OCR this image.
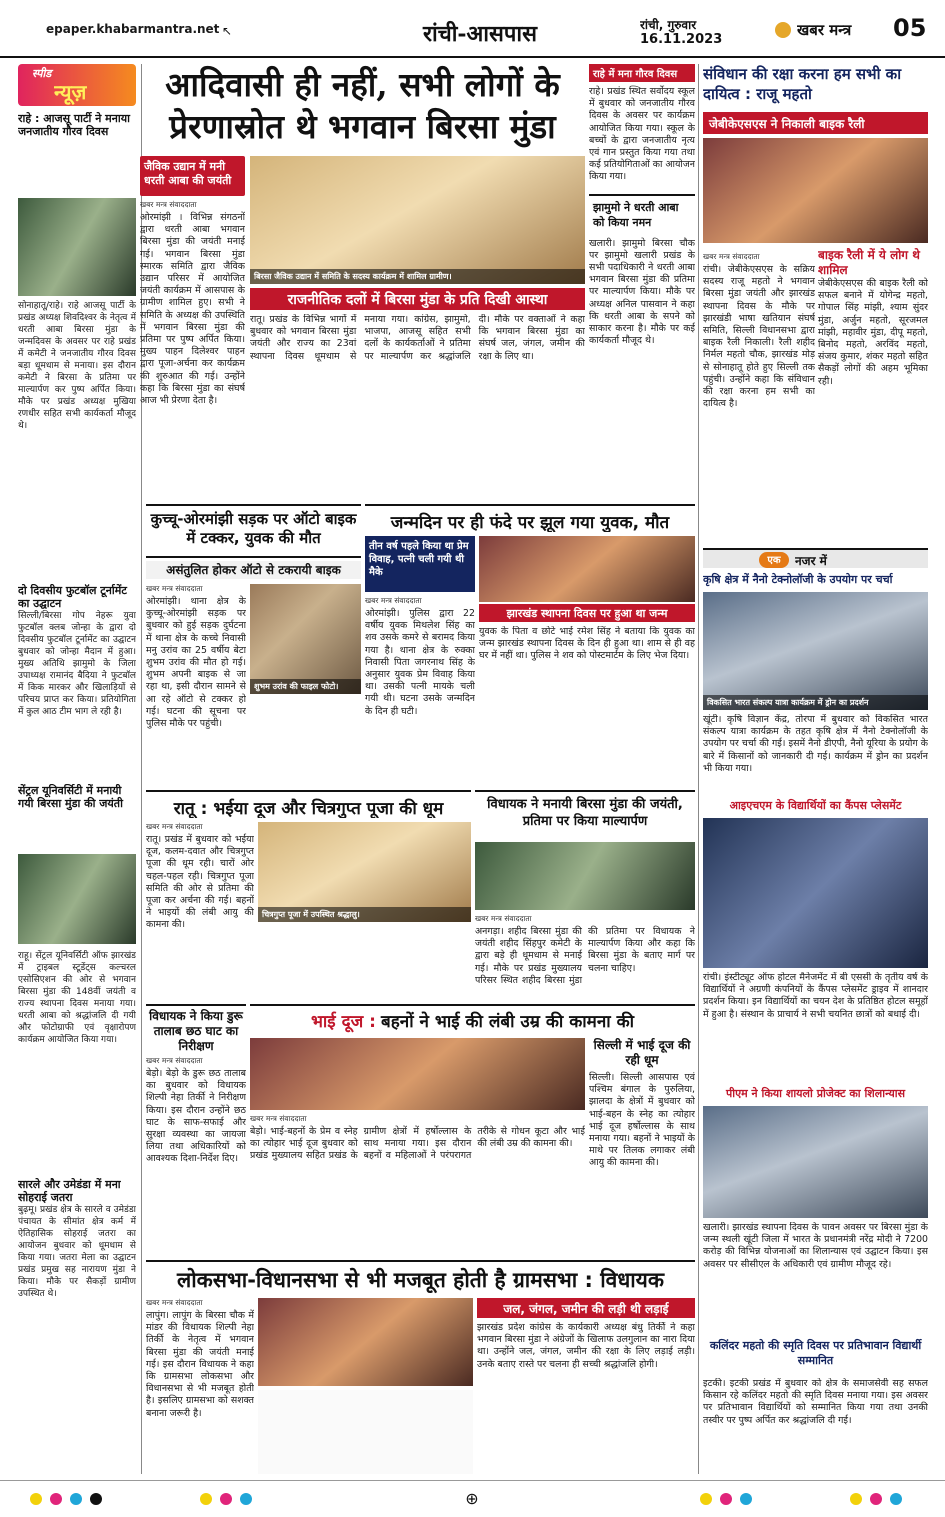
epaper.khabarmantra.net ↖	रांची-आसपास	रांची, गुरुवार
16.11.2023
खबर मन्त्र	05
स्पीड
न्यूज़
राहे : आजसू पार्टी ने मनाया जनजातीय गौरव दिवस
सोनाहातू/राहे। राहे आजसू पार्टी के प्रखंड अध्यक्ष शिवदिश्वर के नेतृत्व में धरती आबा बिरसा मुंडा के जन्मदिवस के अवसर पर राहे प्रखंड में कमेटी ने जनजातीय गौरव दिवस बड़ा धूमधाम से मनाया। इस दौरान कमेटी ने बिरसा के प्रतिमा पर माल्यार्पण कर पुष्प अर्पित किया। मौके पर प्रखंड अध्यक्ष मुखिया रणधीर सहित सभी कार्यकर्ता मौजूद थे।
दो दिवसीय फुटबॉल टूर्नामेंट का उद्घाटन
सिल्ली/बिरसा गोप नेहरू युवा फुटबॉल क्लब जोन्हा के द्वारा दो दिवसीय फुटबॉल टूर्नामेंट का उद्घाटन बुधवार को जोन्हा मैदान में हुआ। मुख्य अतिथि झामुमो के जिला उपाध्यक्ष रामानंद बैदिया ने फुटबॉल में किक मारकर और खिलाड़ियों से परिचय प्राप्त कर किया। प्रतियोगिता में कुल आठ टीम भाग ले रही है।
सेंट्रल यूनिवर्सिटी में मनायी गयी बिरसा मुंडा की जयंती
राहू। सेंट्रल यूनिवर्सिटी ऑफ झारखंड में ट्राइबल स्टूडेंट्स कल्चरल एसोसिएशन की ओर से भगवान बिरसा मुंडा की 148वीं जयंती व राज्य स्थापना दिवस मनाया गया। धरती आबा को श्रद्धांजलि दी गयी और फोटोग्राफी एवं वृक्षारोपण कार्यक्रम आयोजित किया गया।
सारले और उमेडंडा में मना सोहराई जतरा
बुढ़मू। प्रखंड क्षेत्र के सारले व उमेडंडा पंचायत के सीमांत क्षेत्र कर्म में ऐतिहासिक सोहराई जतरा का आयोजन बुधवार को धूमधाम से किया गया। जतरा मेला का उद्घाटन प्रखंड प्रमुख सह नारायण मुंडा ने किया। मौके पर सैकड़ों ग्रामीण उपस्थित थे।
आदिवासी ही नहीं, सभी लोगों के प्रेरणास्रोत थे भगवान बिरसा मुंडा
जैविक उद्यान में मनी धरती आबा की जयंती
खबर मन्त्र संवाददाता
ओरमांझी । विभिन्न संगठनों द्वारा धरती आबा भगवान बिरसा मुंडा की जयंती मनाई गई। भगवान बिरसा मुंडा स्मारक समिति द्वारा जैविक उद्यान परिसर में आयोजित जयंती कार्यक्रम में आसपास के ग्रामीण शामिल हुए। सभी ने समिति के अध्यक्ष की उपस्थिति में भगवान बिरसा मुंडा की प्रतिमा पर पुष्प अर्पित किया। मुख्य पाहन दिलेश्वर पाहन द्वारा पूजा-अर्चना कर कार्यक्रम की शुरुआत की गई। उन्होंने कहा कि बिरसा मुंडा का संघर्ष आज भी प्रेरणा देता है।
बिरसा जैविक उद्यान में समिति के सदस्य कार्यक्रम में शामिल ग्रामीण।
राजनीतिक दलों में बिरसा मुंडा के प्रति दिखी आस्था
रातू। प्रखंड के विभिन्न भागों में बुधवार को भगवान बिरसा मुंडा जयंती और राज्य का 23वां स्थापना दिवस धूमधाम से मनाया गया। कांग्रेस, झामुमो, भाजपा, आजसू सहित सभी दलों के कार्यकर्ताओं ने प्रतिमा पर माल्यार्पण कर श्रद्धांजलि दी। मौके पर वक्ताओं ने कहा कि भगवान बिरसा मुंडा का संघर्ष जल, जंगल, जमीन की रक्षा के लिए था।
राहे में मना गौरव दिवस
राहे। प्रखंड स्थित सर्वोदय स्कूल में बुधवार को जनजातीय गौरव दिवस के अवसर पर कार्यक्रम आयोजित किया गया। स्कूल के बच्चों के द्वारा जनजातीय नृत्य एवं गान प्रस्तुत किया गया तथा कई प्रतियोगिताओं का आयोजन किया गया।
झामुमो ने धरती आबा को किया नमन
खलारी। झामुमो बिरसा चौक पर झामुमो खलारी प्रखंड के सभी पदाधिकारी ने धरती आबा भगवान बिरसा मुंडा की प्रतिमा पर माल्यार्पण किया। मौके पर अध्यक्ष अनिल पासवान ने कहा कि धरती आबा के सपने को साकार करना है। मौके पर कई कार्यकर्ता मौजूद थे।
संविधान की रक्षा करना हम सभी का दायित्व : राजू महतो
जेबीकेएसएस ने निकाली बाइक रैली
बाइक रैली में ये लोग थे शामिल
जेबीकेएसएस की बाइक रैली को सफल बनाने में योगेन्द्र महतो, गोपाल सिंह मांझी, श्याम सुंदर मुंडा, अर्जुन महतो, सूरजमल मांझी, महावीर मुंडा, दीपू महतो, बिनोद महतो, अरविंद महतो, संजय कुमार, शंकर महतो सहित सैकड़ों लोगों की अहम भूमिका रही।
खबर मन्त्र संवाददाता
रांची। जेबीकेएसएस के सक्रिय सदस्य राजू महतो ने भगवान बिरसा मुंडा जयंती और झारखंड स्थापना दिवस के मौके पर झारखंडी भाषा खतियान संघर्ष समिति, सिल्ली विधानसभा द्वारा बाइक रैली निकाली। रैली शहीद निर्मल महतो चौक, झारखंड मोड़ से सोनाहातू होते हुए सिल्ली तक पहुंची। उन्होंने कहा कि संविधान की रक्षा करना हम सभी का दायित्व है।
एक	नजर में
कृषि क्षेत्र में नैनो टेक्नोलॉजी के उपयोग पर चर्चा
विकसित भारत संकल्प यात्रा कार्यक्रम में ड्रोन का प्रदर्शन
खूंटी। कृषि विज्ञान केंद्र, तोरपा में बुधवार को विकसित भारत संकल्प यात्रा कार्यक्रम के तहत कृषि क्षेत्र में नैनो टेक्नोलॉजी के उपयोग पर चर्चा की गई। इसमें नैनो डीएपी, नैनो यूरिया के प्रयोग के बारे में किसानों को जानकारी दी गई। कार्यक्रम में ड्रोन का प्रदर्शन भी किया गया।
आइएचएम के विद्यार्थियों का कैंपस प्लेसमेंट
रांची। इंस्टीट्यूट ऑफ होटल मैनेजमेंट में बी एससी के तृतीय वर्ष के विद्यार्थियों ने अग्रणी कंपनियों के कैंपस प्लेसमेंट ड्राइव में शानदार प्रदर्शन किया। इन विद्यार्थियों का चयन देश के प्रतिष्ठित होटल समूहों में हुआ है। संस्थान के प्राचार्य ने सभी चयनित छात्रों को बधाई दी।
पीएम ने किया शायलो प्रोजेक्ट का शिलान्यास
खलारी। झारखंड स्थापना दिवस के पावन अवसर पर बिरसा मुंडा के जन्म स्थली खूंटी जिला में भारत के प्रधानमंत्री नरेंद्र मोदी ने 7200 करोड़ की विभिन्न योजनाओं का शिलान्यास एवं उद्घाटन किया। इस अवसर पर सीसीएल के अधिकारी एवं ग्रामीण मौजूद रहे।
कलिंदर महतो की स्मृति दिवस पर प्रतिभावान विद्यार्थी सम्मानित
इटकी। इटकी प्रखंड में बुधवार को क्षेत्र के समाजसेवी सह सफल किसान रहे कलिंदर महतो की स्मृति दिवस मनाया गया। इस अवसर पर प्रतिभावान विद्यार्थियों को सम्मानित किया गया तथा उनकी तस्वीर पर पुष्प अर्पित कर श्रद्धांजलि दी गई।
कुच्चू-ओरमांझी सड़क पर ऑटो बाइक में टक्कर, युवक की मौत
असंतुलित होकर ऑटो से टकरायी बाइक
खबर मन्त्र संवाददाता
ओरमांझी। थाना क्षेत्र के कुच्चू-ओरमांझी सड़क पर बुधवार को हुई सड़क दुर्घटना में थाना क्षेत्र के कच्चे निवासी मनु उरांव का 25 वर्षीय बेटा शुभम उरांव की मौत हो गई। शुभम अपनी बाइक से जा रहा था, इसी दौरान सामने से आ रहे ऑटो से टक्कर हो गई। घटना की सूचना पर पुलिस मौके पर पहुंची।
शुभम उरांव की फाइल फोटो।
जन्मदिन पर ही फंदे पर झूल गया युवक, मौत
तीन वर्ष पहले किया था प्रेम विवाह, पत्नी चली गयी थी मैके
खबर मन्त्र संवाददाता
ओरमांझी। पुलिस द्वारा 22 वर्षीय युवक मिथलेश सिंह का शव उसके कमरे से बरामद किया गया है। थाना क्षेत्र के रुक्का निवासी पिता जगरनाथ सिंह के अनुसार युवक प्रेम विवाह किया था। उसकी पत्नी मायके चली गयी थी। घटना उसके जन्मदिन के दिन ही घटी।
झारखंड स्थापना दिवस पर हुआ था जन्म
युवक के पिता व छोटे भाई रमेश सिंह ने बताया कि युवक का जन्म झारखंड स्थापना दिवस के दिन ही हुआ था। शाम से ही वह घर में नहीं था। पुलिस ने शव को पोस्टमार्टम के लिए भेज दिया।
रातू : भईया दूज और चित्रगुप्त पूजा की धूम
खबर मन्त्र संवाददाता
रातू। प्रखंड में बुधवार को भईया दूज, कलम-दवात और चित्रगुप्त पूजा की धूम रही। चारों ओर चहल-पहल रही। चित्रगुप्त पूजा समिति की ओर से प्रतिमा की पूजा कर अर्चना की गई। बहनों ने भाइयों की लंबी आयु की कामना की।
चित्रगुप्त पूजा में उपस्थित श्रद्धालु।
विधायक ने मनायी बिरसा मुंडा की जयंती, प्रतिमा पर किया माल्यार्पण
खबर मन्त्र संवाददाता
अनगड़ा। शहीद बिरसा मुंडा की जयंती शहीद सिंहपुर कमेटी के द्वारा बड़े ही धूमधाम से मनाई गई। मौके पर प्रखंड मुख्यालय परिसर स्थित शहीद बिरसा मुंडा की प्रतिमा पर विधायक ने माल्यार्पण किया और कहा कि बिरसा मुंडा के बताए मार्ग पर चलना चाहिए।
विधायक ने किया डुरू तालाब छठ घाट का निरीक्षण
खबर मन्त्र संवाददाता
बेड़ो। बेड़ो के डुरू छठ तालाब का बुधवार को विधायक शिल्पी नेहा तिर्की ने निरीक्षण किया। इस दौरान उन्होंने छठ घाट के साफ-सफाई और सुरक्षा व्यवस्था का जायजा लिया तथा अधिकारियों को आवश्यक दिशा-निर्देश दिए।
भाई दूज : बहनों ने भाई की लंबी उम्र की कामना की
खबर मन्त्र संवाददाता
बेड़ो। भाई-बहनों के प्रेम व स्नेह का त्योहार भाई दूज बुधवार को प्रखंड मुख्यालय सहित प्रखंड के ग्रामीण क्षेत्रों में हर्षोल्लास के साथ मनाया गया। इस दौरान बहनों व महिलाओं ने परंपरागत तरीके से गोधन कूटा और भाई की लंबी उम्र की कामना की।
सिल्ली में भाई दूज की रही धूम
सिल्ली। सिल्ली आसपास एवं पश्चिम बंगाल के पुरुलिया, झालदा के क्षेत्रों में बुधवार को भाई-बहन के स्नेह का त्योहार भाई दूज हर्षोल्लास के साथ मनाया गया। बहनों ने भाइयों के माथे पर तिलक लगाकर लंबी आयु की कामना की।
लोकसभा-विधानसभा से भी मजबूत होती है ग्रामसभा : विधायक
खबर मन्त्र संवाददाता
लापुंग। लापुंग के बिरसा चौक में मांडर की विधायक शिल्पी नेहा तिर्की के नेतृत्व में भगवान बिरसा मुंडा की जयंती मनाई गई। इस दौरान विधायक ने कहा कि ग्रामसभा लोकसभा और विधानसभा से भी मजबूत होती है। इसलिए ग्रामसभा को सशक्त बनाना जरूरी है।
जल, जंगल, जमीन की लड़ी थी लड़ाई
झारखंड प्रदेश कांग्रेस के कार्यकारी अध्यक्ष बंधु तिर्की ने कहा भगवान बिरसा मुंडा ने अंग्रेजों के खिलाफ उलगुलान का नारा दिया था। उन्होंने जल, जंगल, जमीन की रक्षा के लिए लड़ाई लड़ी। उनके बताए रास्ते पर चलना ही सच्ची श्रद्धांजलि होगी।
⊕
